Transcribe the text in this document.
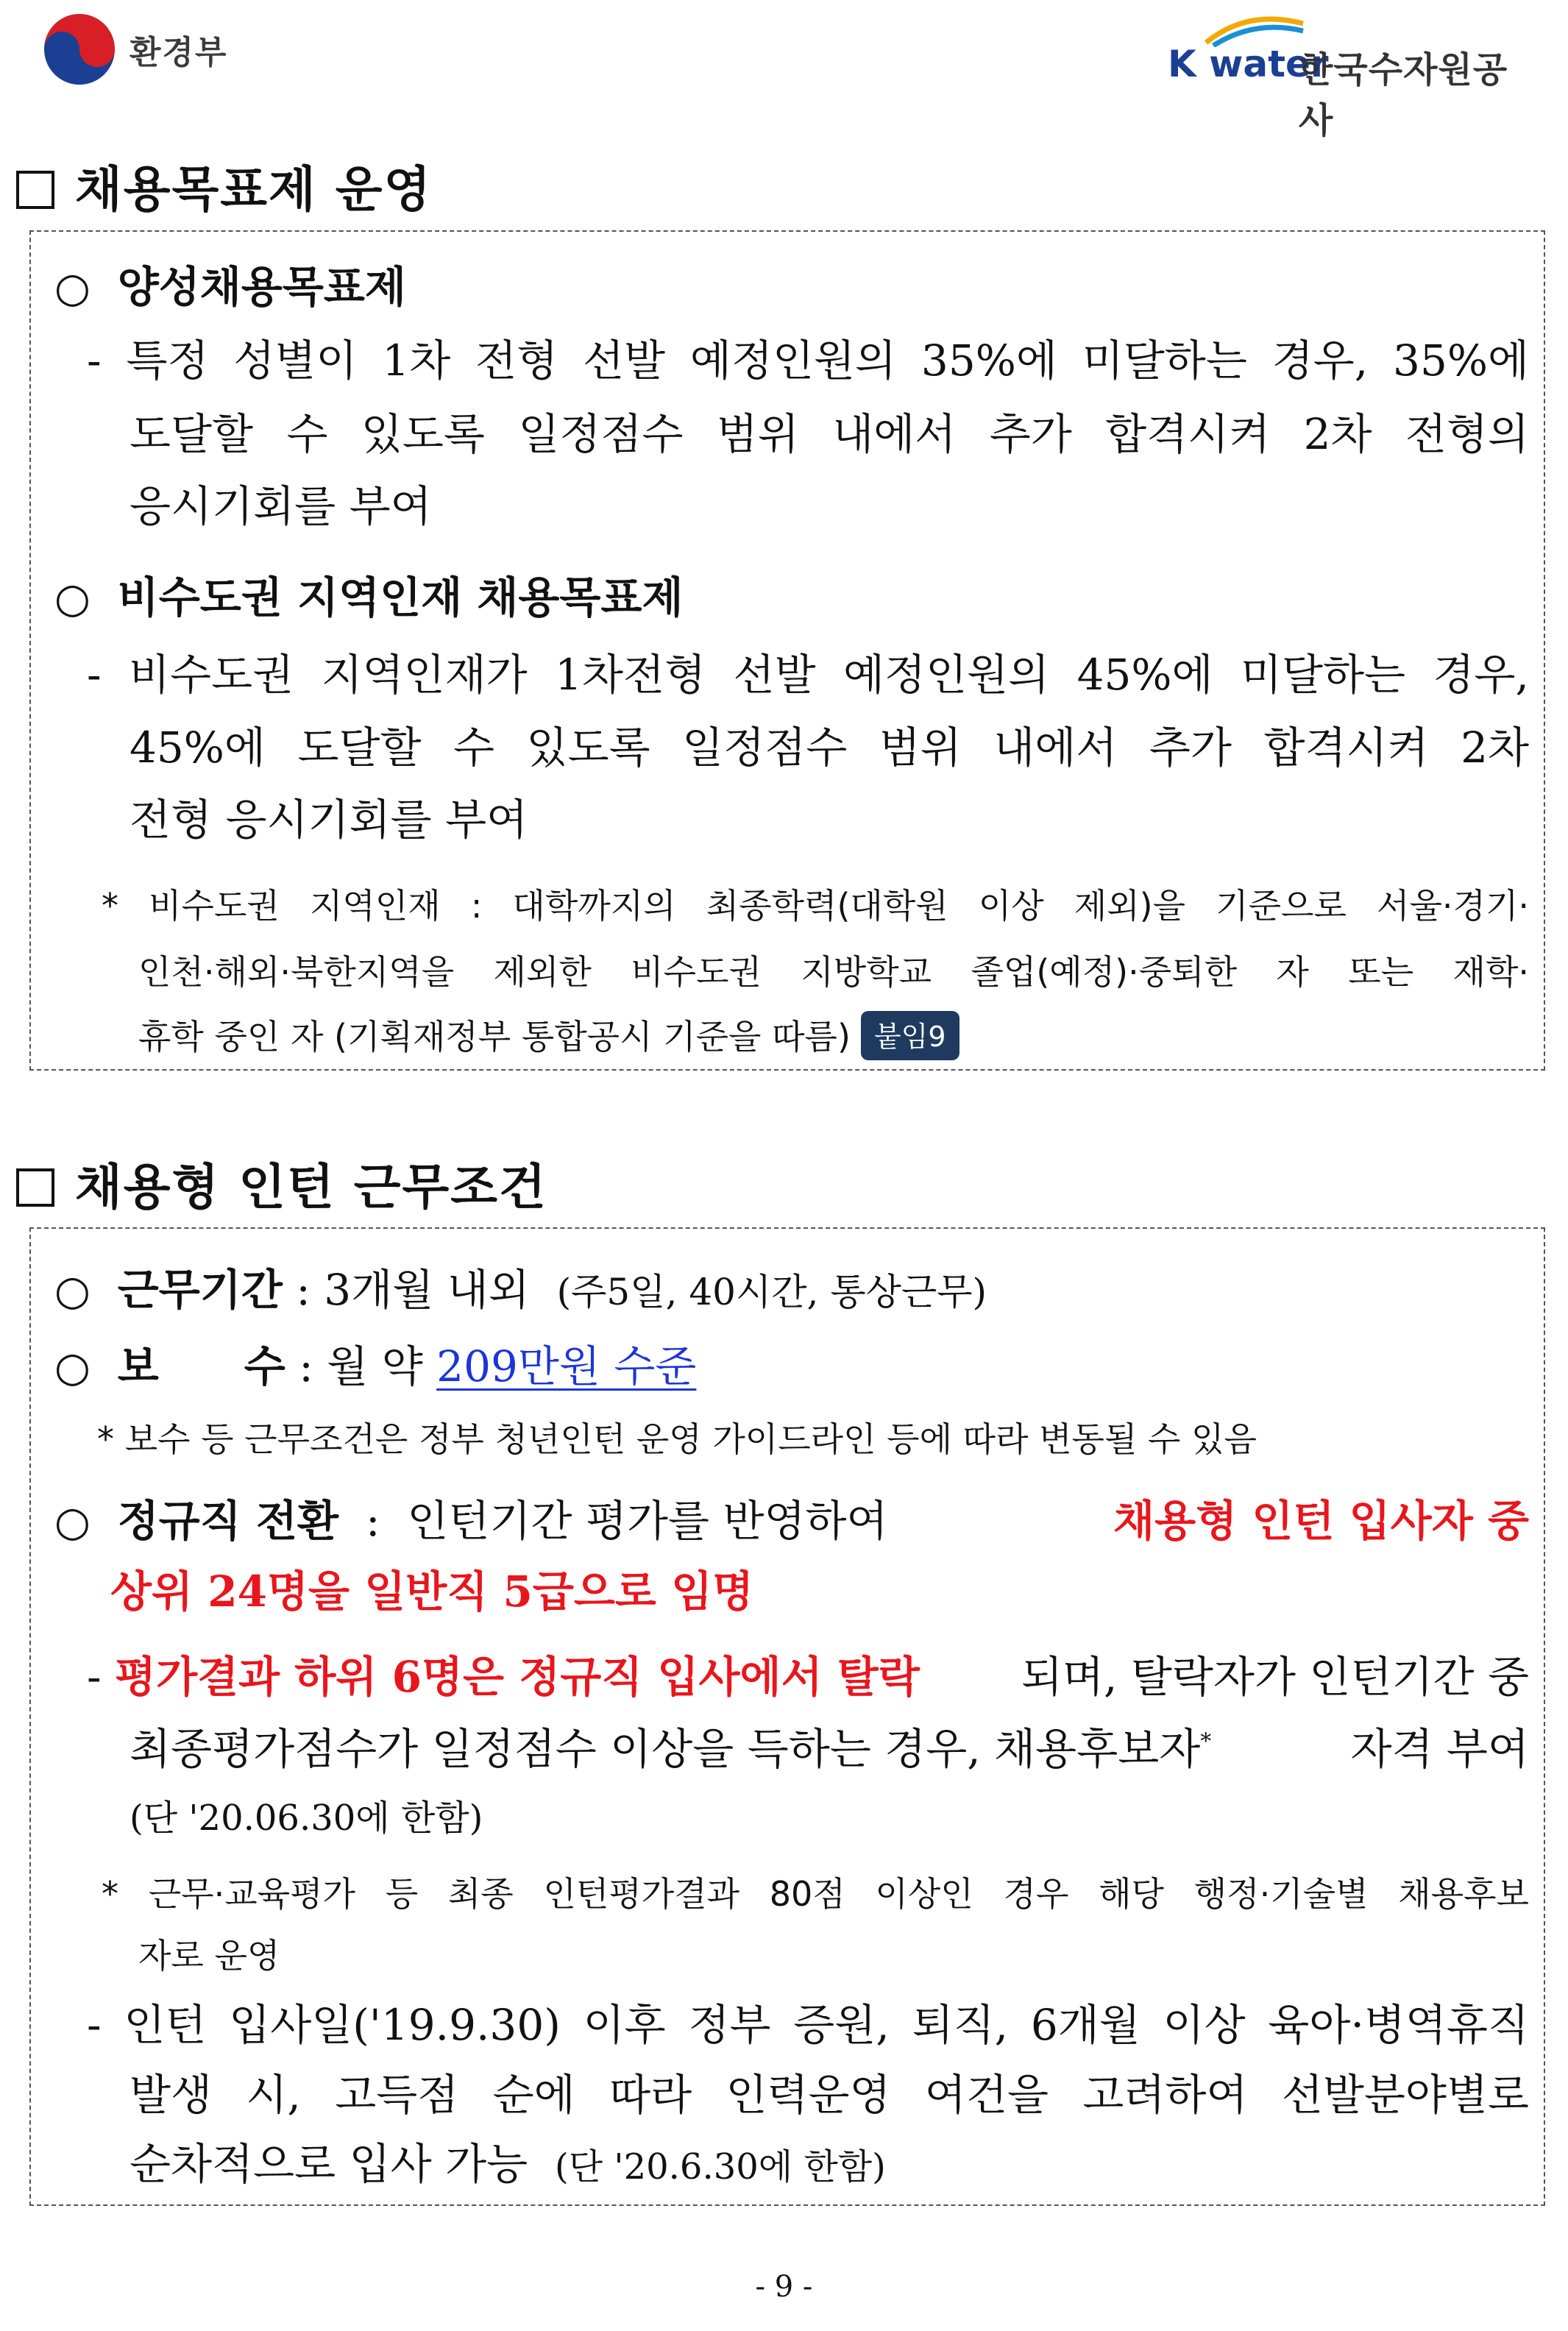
환경부	K water
한국수자원공사
채용목표제 운영
○ 양성채용목표제
- 특정 성별이 1차 전형 선발 예정인원의 35%에 미달하는 경우, 35%에
도달할 수 있도록 일정점수 범위 내에서 추가 합격시켜 2차 전형의
응시기회를 부여
○ 비수도권 지역인재 채용목표제
- 비수도권 지역인재가 1차전형 선발 예정인원의 45%에 미달하는 경우,
45%에 도달할 수 있도록 일정점수 범위 내에서 추가 합격시켜 2차
전형 응시기회를 부여
* 비수도권 지역인재 : 대학까지의 최종학력(대학원 이상 제외)을 기준으로 서울·경기·
인천·해외·북한지역을 제외한 비수도권 지방학교 졸업(예정)·중퇴한 자 또는 재학·
휴학 중인 자 (기획재정부 통합공시 기준을 따름) 붙임9
채용형 인턴 근무조건
○ 근무기간 : 3개월 내외 (주5일, 40시간, 통상근무)
○ 보　　수 : 월 약 209만원 수준
* 보수 등 근무조건은 정부 청년인턴 운영 가이드라인 등에 따라 변동될 수 있음
○ 정규직 전환 : 인턴기간 평가를 반영하여	채용형 인턴 입사자 중
상위 24명을 일반직 5급으로 임명
- 평가결과 하위 6명은 정규직 입사에서 탈락 되며, 탈락자가 인턴기간 중
최종평가점수가 일정점수 이상을 득하는 경우, 채용후보자*	자격 부여
(단 '20.06.30에 한함)
* 근무·교육평가 등 최종 인턴평가결과 80점 이상인 경우 해당 행정·기술별 채용후보
자로 운영
- 인턴 입사일('19.9.30) 이후 정부 증원, 퇴직, 6개월 이상 육아·병역휴직
발생 시, 고득점 순에 따라 인력운영 여건을 고려하여 선발분야별로
순차적으로 입사 가능 (단 '20.6.30에 한함)
- 9 -
